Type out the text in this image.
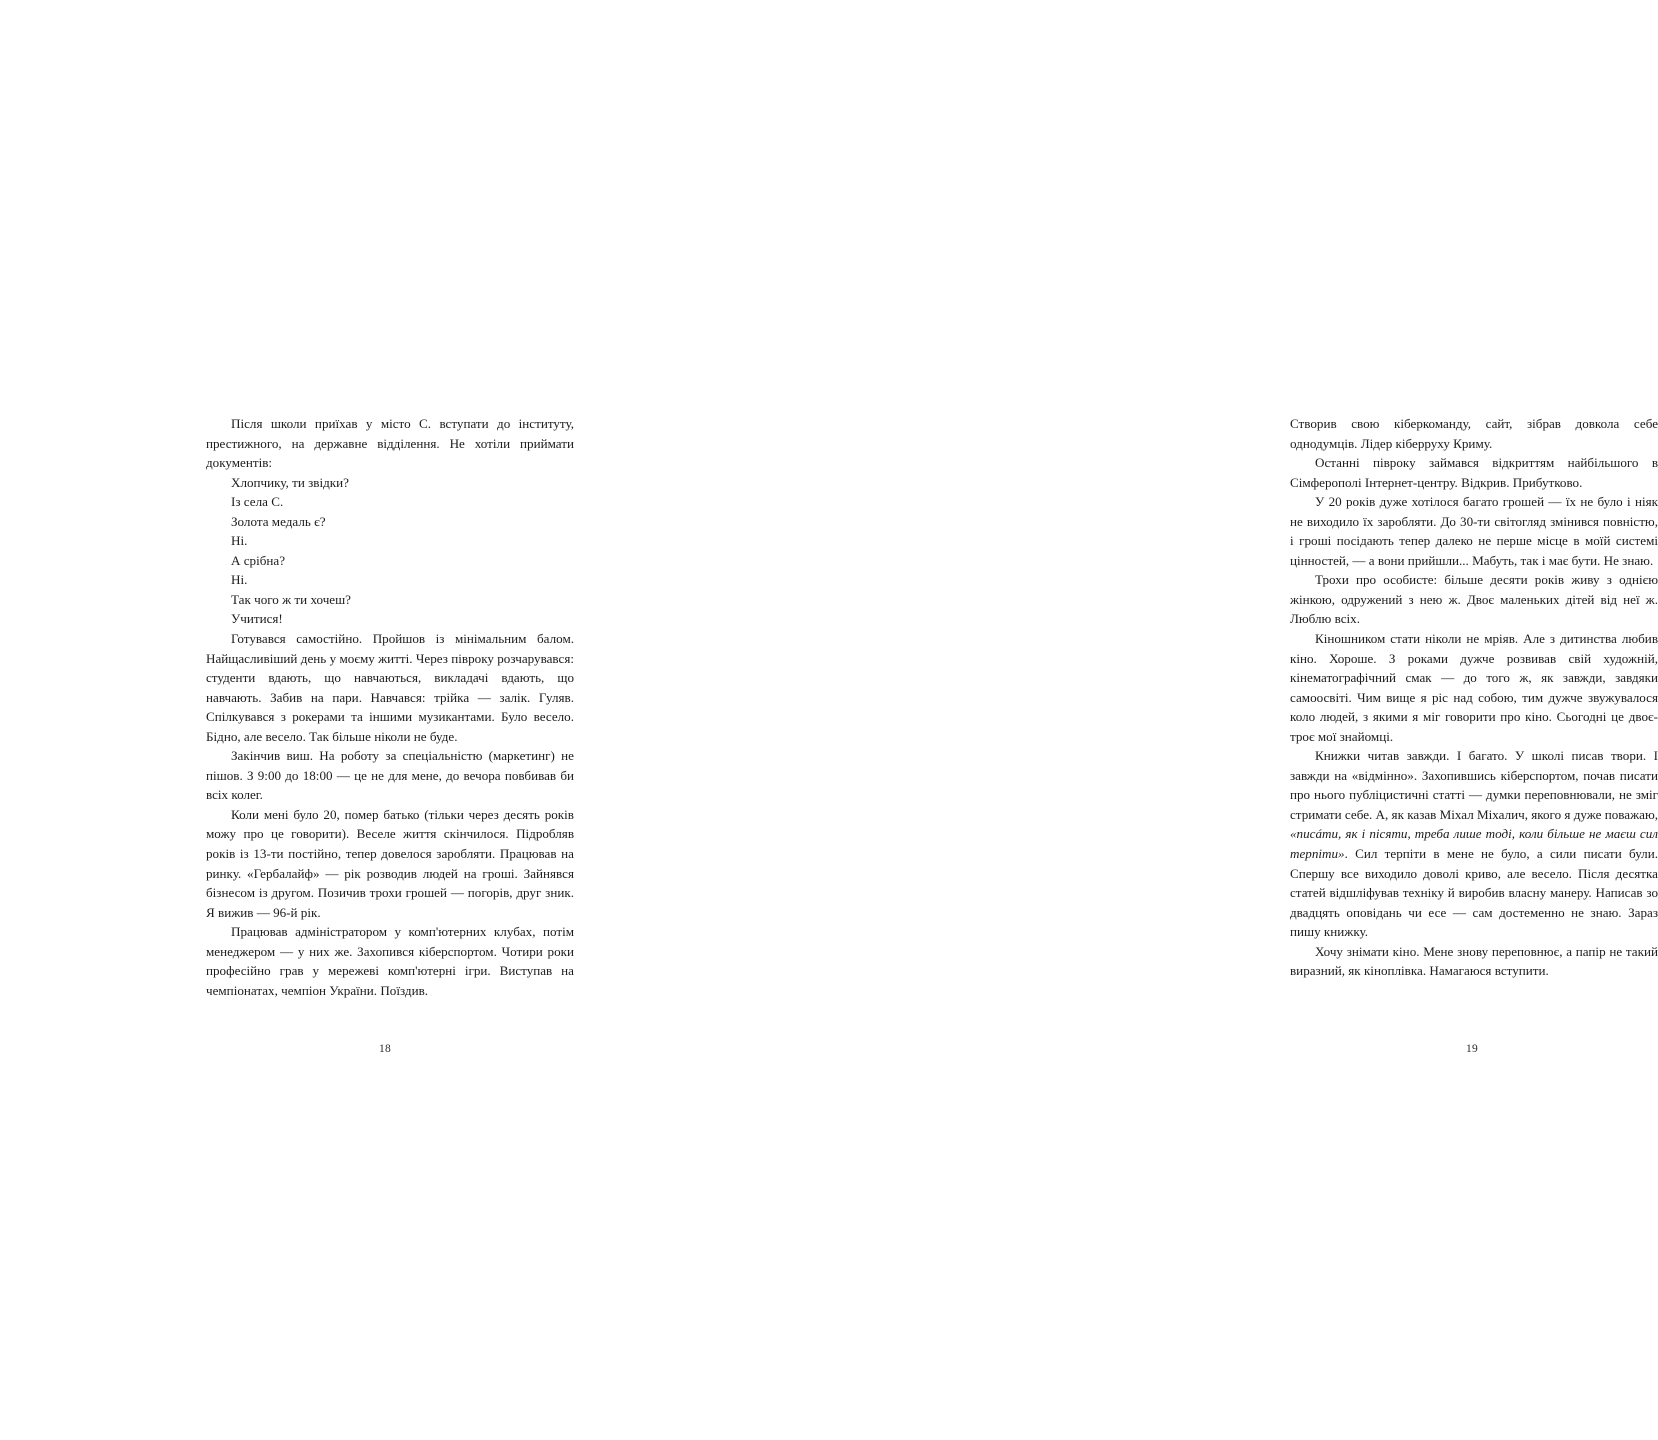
Після школи приїхав у місто С. вступати до інституту, престижного, на державне відділення. Не хотіли приймати документів:

Хлопчику, ти звідки?

Із села С.

Золота медаль є?

Ні.

А срібна?

Ні.

Так чого ж ти хочеш?

Учитися!

Готувався самостійно. Пройшов із мінімальним балом. Найщасливіший день у моєму житті. Через півроку розчарувався: студенти вдають, що навчаються, викладачі вдають, що навчають. Забив на пари. Навчався: трійка — залік. Гуляв. Спілкувався з рокерами та іншими музикантами. Було весело. Бідно, але весело. Так більше ніколи не буде.

Закінчив виш. На роботу за спеціальністю (маркетинг) не пішов. З 9:00 до 18:00 — це не для мене, до вечора повбивав би всіх колег.

Коли мені було 20, помер батько (тільки через десять років можу про це говорити). Веселе життя скінчилося. Підробляв років із 13-ти постійно, тепер довелося заробляти. Працював на ринку. «Гербалайф» — рік розводив людей на гроші. Зайнявся бізнесом із другом. Позичив трохи грошей — погорів, друг зник. Я вижив — 96-й рік.

Працював адміністратором у комп'ютерних клубах, потім менеджером — у них же. Захопився кіберспортом. Чотири роки професійно грав у мережеві комп'ютерні ігри. Виступав на чемпіонатах, чемпіон України. Поїздив.

18

Створив свою кіберкоманду, сайт, зібрав довкола себе однодумців. Лідер кіберруху Криму.

Останні півроку займався відкриттям найбільшого в Сімферополі Інтернет-центру. Відкрив. Прибутково.

У 20 років дуже хотілося багато грошей — їх не було і ніяк не виходило їх заробляти. До 30-ти світогляд змінився повністю, і гроші посідають тепер далеко не перше місце в моїй системі цінностей, — а вони прийшли... Мабуть, так і має бути. Не знаю.

Трохи про особисте: більше десяти років живу з однією жінкою, одружений з нею ж. Двоє маленьких дітей від неї ж. Люблю всіх.

Кіношником стати ніколи не мріяв. Але з дитинства любив кіно. Хороше. З роками дужче розвивав свій художній, кінематографічний смак — до того ж, як завжди, завдяки самоосвіті. Чим вище я ріс над собою, тим дужче звужувалося коло людей, з якими я міг говорити про кіно. Сьогодні це двоє-троє мої знайомці.

Книжки читав завжди. І багато. У школі писав твори. І завжди на «відмінно». Захопившись кіберспортом, почав писати про нього публіцистичні статті — думки переповнювали, не зміг стримати себе. А, як казав Міхал Міхалич, якого я дуже поважаю, «писáти, як і пісяти, треба лише тоді, коли більше не маєш сил терпіти». Сил терпіти в мене не було, а сили писати були. Спершу все виходило доволі криво, але весело. Після десятка статей відшліфував техніку й виробив власну манеру. Написав зо двадцять оповідань чи есе — сам достеменно не знаю. Зараз пишу книжку.

Хочу знімати кіно. Мене знову переповнює, а папір не такий виразний, як кіноплівка. Намагаюся вступити.

19
